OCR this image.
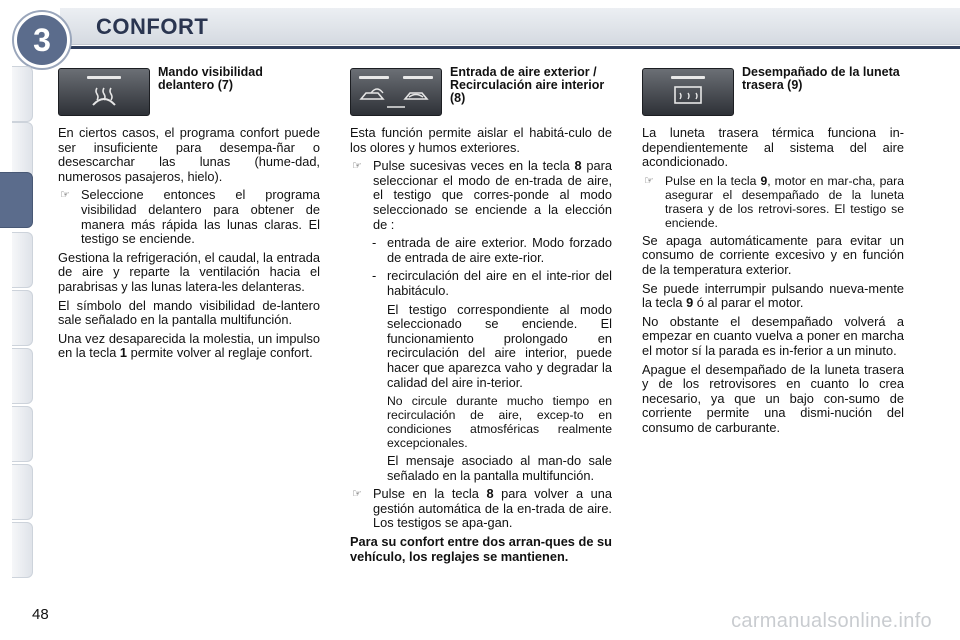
3 CONFORT
Mando visibilidad delantero (7)

En ciertos casos, el programa confort puede ser insuficiente para desempa-ñar o desescarchar las lunas (hume-dad, numerosos pasajeros, hielo).

☞ Seleccione entonces el programa visibilidad delantero para obtener de manera más rápida las lunas claras. El testigo se enciende.

Gestiona la refrigeración, el caudal, la entrada de aire y reparte la ventilación hacia el parabrisas y las lunas latera-les delanteras.

El símbolo del mando visibilidad de-lantero sale señalado en la pantalla multifunción.

Una vez desaparecida la molestia, un impulso en la tecla 1 permite volver al reglaje confort.

Entrada de aire exterior / Recirculación aire interior (8)

Esta función permite aislar el habitá-culo de los olores y humos exteriores.

☞ Pulse sucesivas veces en la tecla 8 para seleccionar el modo de en-trada de aire, el testigo que corres-ponde al modo seleccionado se enciende a la elección de :
- entrada de aire exterior. Modo forzado de entrada de aire exte-rior.
- recirculación del aire en el inte-rior del habitáculo.

El testigo correspondiente al modo seleccionado se enciende. El funcionamiento prolongado en recirculación del aire interior, puede hacer que aparezca vaho y degradar la calidad del aire in-terior.

No circule durante mucho tiempo en recirculación de aire, excep-to en condiciones atmosféricas realmente excepcionales.

El mensaje asociado al man-do sale señalado en la pantalla multifunción.

☞ Pulse en la tecla 8 para volver a una gestión automática de la en-trada de aire. Los testigos se apa-gan.

Para su confort entre dos arran-ques de su vehículo, los reglajes se mantienen.

Desempañado de la luneta trasera (9)

La luneta trasera térmica funciona in-dependientemente al sistema del aire acondicionado.

☞ Pulse en la tecla 9, motor en mar-cha, para asegurar el desempañado de la luneta trasera y de los retrovi-sores. El testigo se enciende.

Se apaga automáticamente para evitar un consumo de corriente excesivo y en función de la temperatura exterior.

Se puede interrumpir pulsando nueva-mente la tecla 9 ó al parar el motor.

No obstante el desempañado volverá a empezar en cuanto vuelva a poner en marcha el motor sí la parada es in-ferior a un minuto.

Apague el desempañado de la luneta trasera y de los retrovisores en cuanto lo crea necesario, ya que un bajo con-sumo de corriente permite una dismi-nución del consumo de carburante.

48	carmanualsonline.info
